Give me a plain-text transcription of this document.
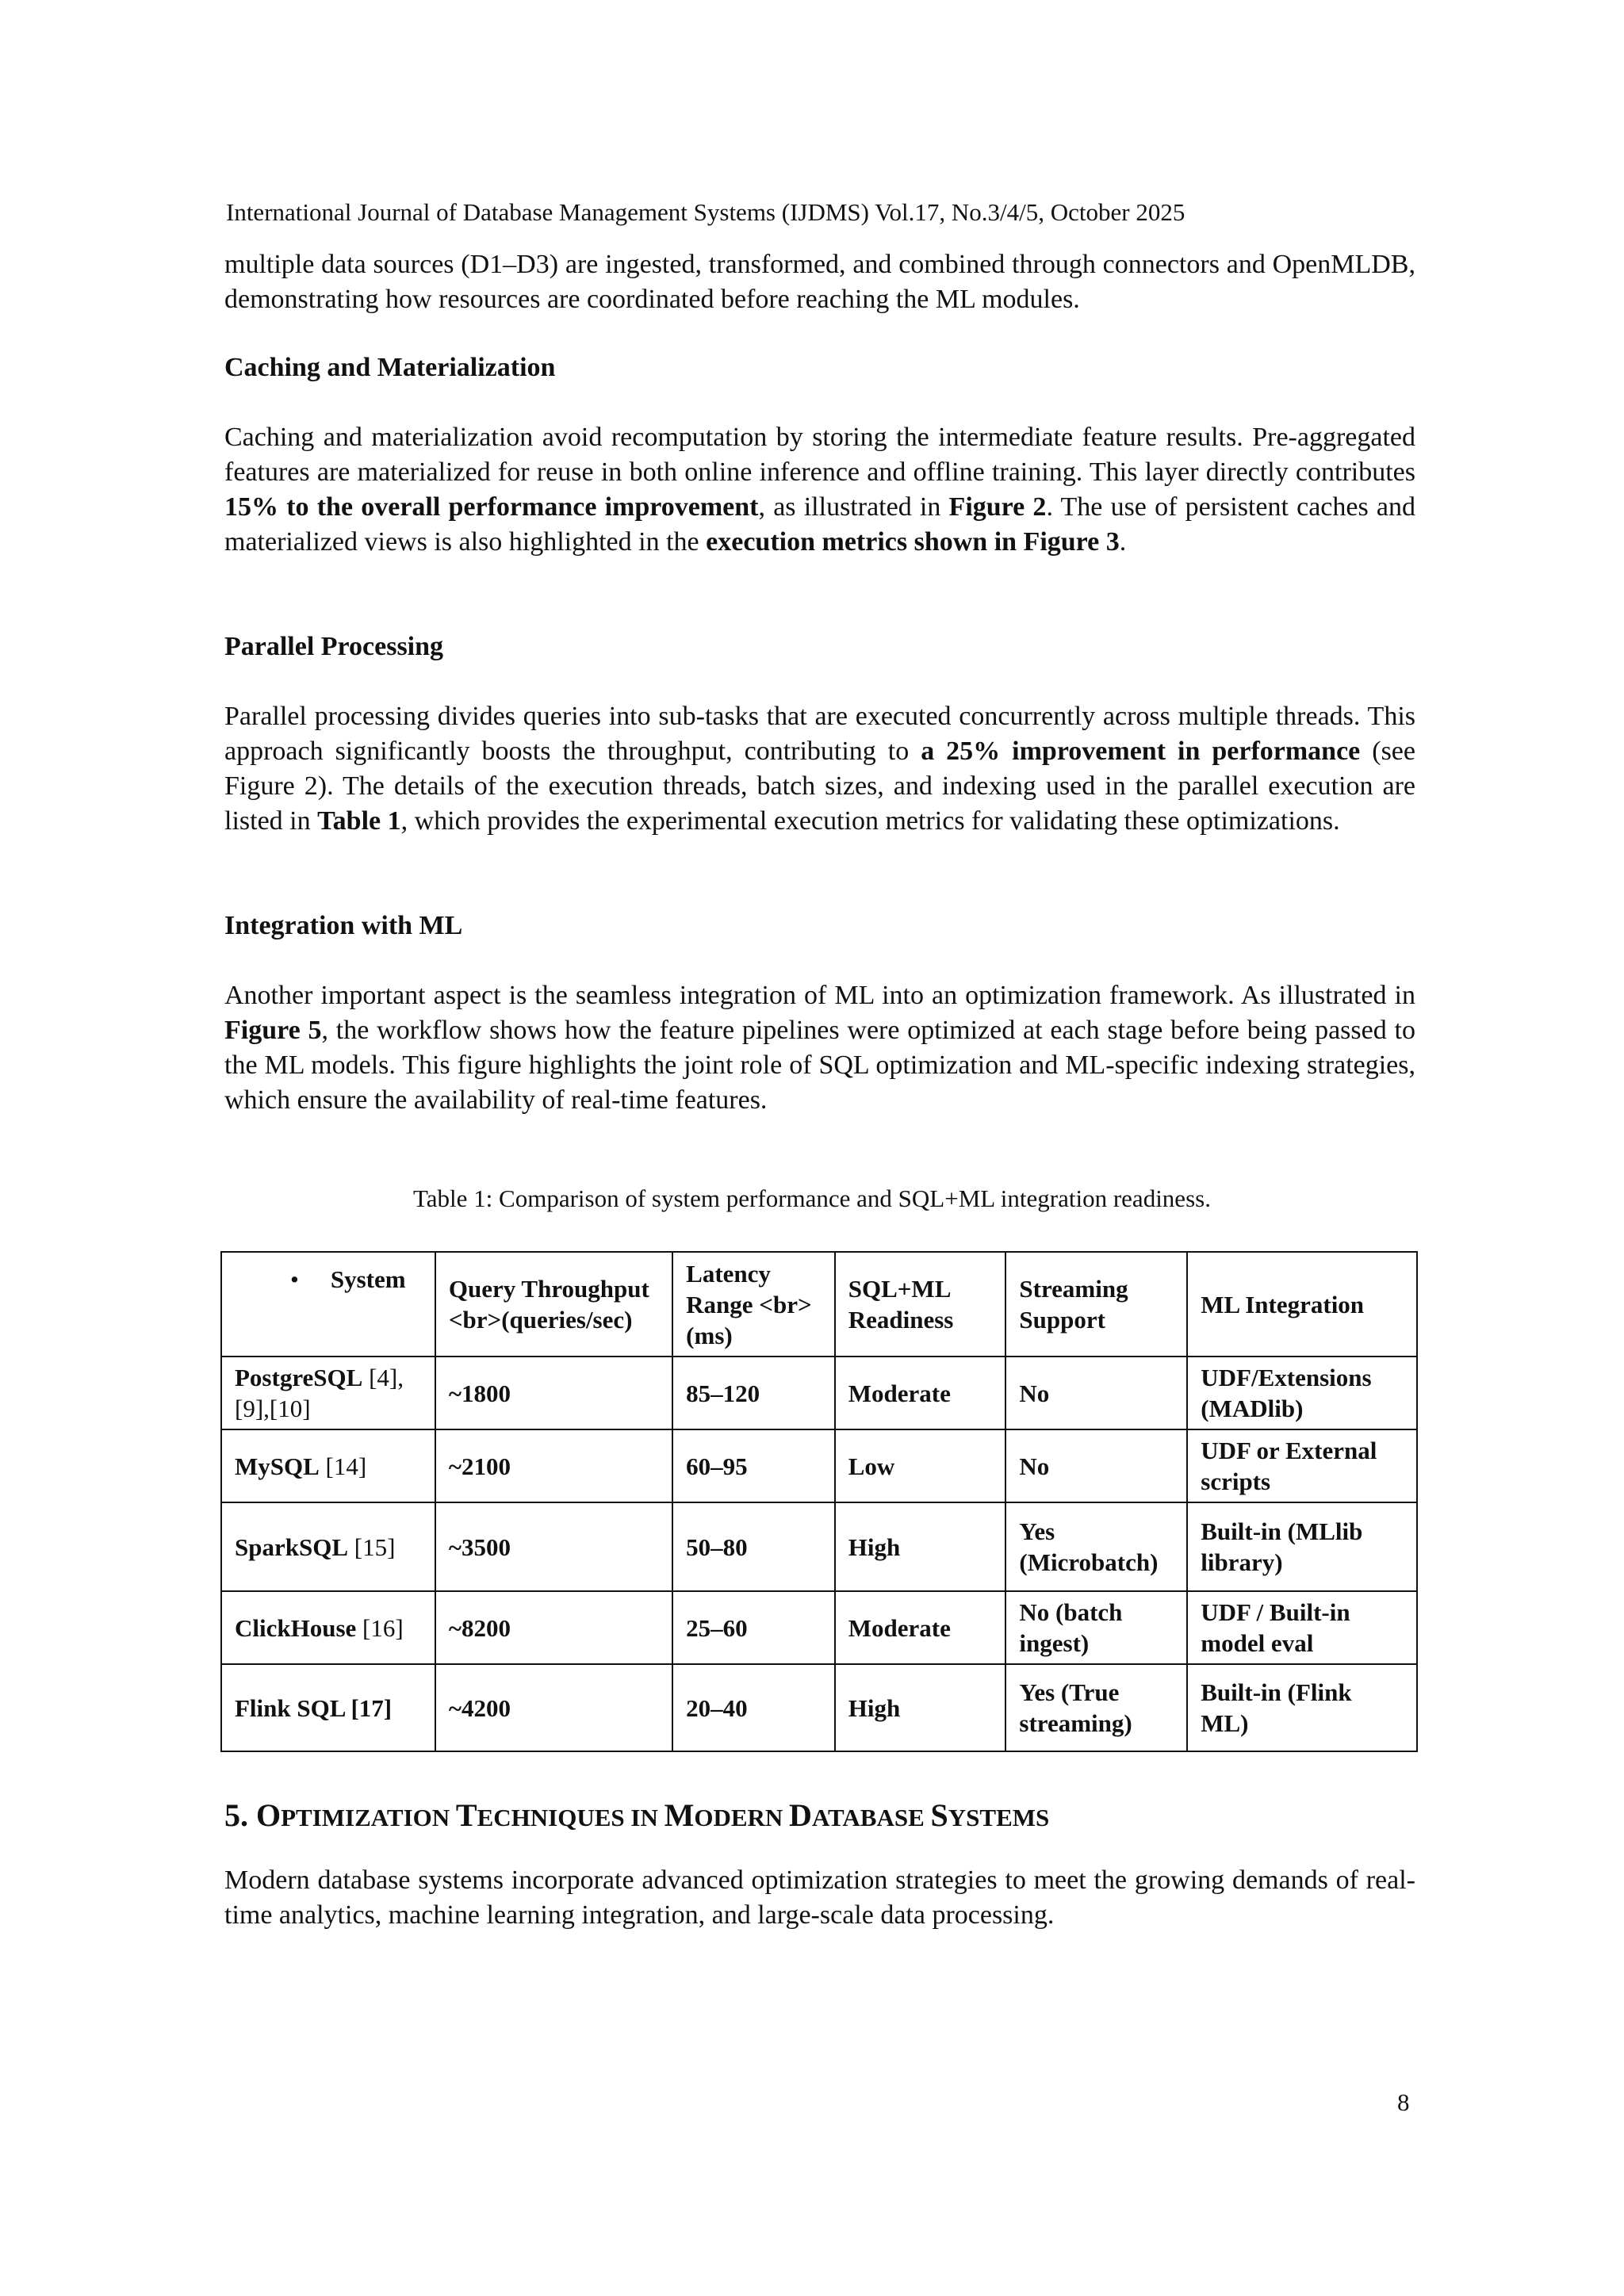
International Journal of Database Management Systems (IJDMS) Vol.17, No.3/4/5, October 2025

multiple data sources (D1–D3) are ingested, transformed, and combined through connectors and OpenMLDB, demonstrating how resources are coordinated before reaching the ML modules.

Caching and Materialization

Caching and materialization avoid recomputation by storing the intermediate feature results. Pre-aggregated features are materialized for reuse in both online inference and offline training. This layer directly contributes 15% to the overall performance improvement, as illustrated in Figure 2. The use of persistent caches and materialized views is also highlighted in the execution metrics shown in Figure 3.

Parallel Processing

Parallel processing divides queries into sub-tasks that are executed concurrently across multiple threads. This approach significantly boosts the throughput, contributing to a 25% improvement in performance (see Figure 2). The details of the execution threads, batch sizes, and indexing used in the parallel execution are listed in Table 1, which provides the experimental execution metrics for validating these optimizations.

Integration with ML

Another important aspect is the seamless integration of ML into an optimization framework. As illustrated in Figure 5, the workflow shows how the feature pipelines were optimized at each stage before being passed to the ML models. This figure highlights the joint role of SQL optimization and ML-specific indexing strategies, which ensure the availability of real-time features.

Table 1: Comparison of system performance and SQL+ML integration readiness.
• System	Query Throughput <br>(queries/sec)	Latency Range <br>(ms)	SQL+ML Readiness	Streaming Support	ML Integration
PostgreSQL [4],[9],[10]	~1800	85–120	Moderate	No	UDF/Extensions (MADlib)
MySQL [14]	~2100	60–95	Low	No	UDF or External scripts
SparkSQL [15]	~3500	50–80	High	Yes (Microbatch)	Built-in (MLlib library)
ClickHouse [16]	~8200	25–60	Moderate	No (batch ingest)	UDF / Built-in model eval
Flink SQL [17]	~4200	20–40	High	Yes (True streaming)	Built-in (Flink ML)
5. OPTIMIZATION TECHNIQUES IN MODERN DATABASE SYSTEMS

Modern database systems incorporate advanced optimization strategies to meet the growing demands of real-time analytics, machine learning integration, and large-scale data processing.

8
